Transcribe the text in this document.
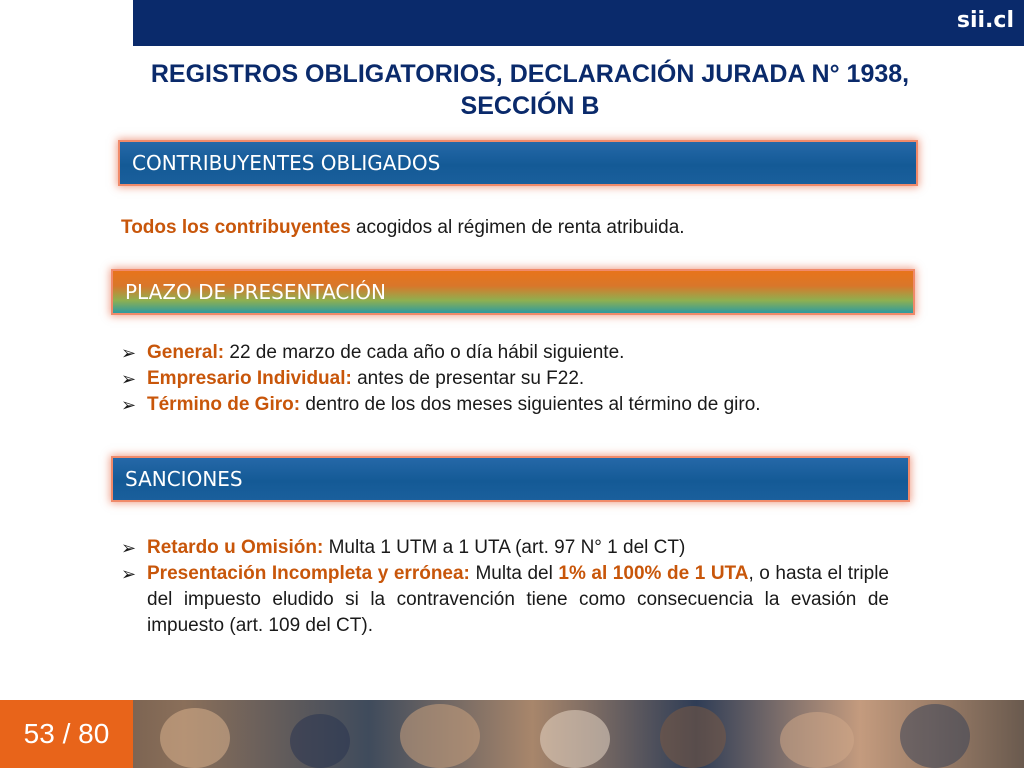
sii.cl
REGISTROS OBLIGATORIOS, DECLARACIÓN JURADA N° 1938,
SECCIÓN B
CONTRIBUYENTES OBLIGADOS

Todos los contribuyentes acogidos al régimen de renta atribuida.

PLAZO DE PRESENTACIÓN
➢ General: 22 de marzo de cada año o día hábil siguiente.
➢ Empresario Individual: antes de presentar su F22.
➢ Término de Giro: dentro de los dos meses siguientes al término de giro.
SANCIONES
➢ Retardo u Omisión: Multa 1 UTM a 1 UTA (art. 97 N° 1 del CT)
➢ Presentación Incompleta y errónea: Multa del 1% al 100% de 1 UTA, o hasta el triple del impuesto eludido si la contravención tiene como consecuencia la evasión de impuesto (art. 109 del CT).
53 / 80
